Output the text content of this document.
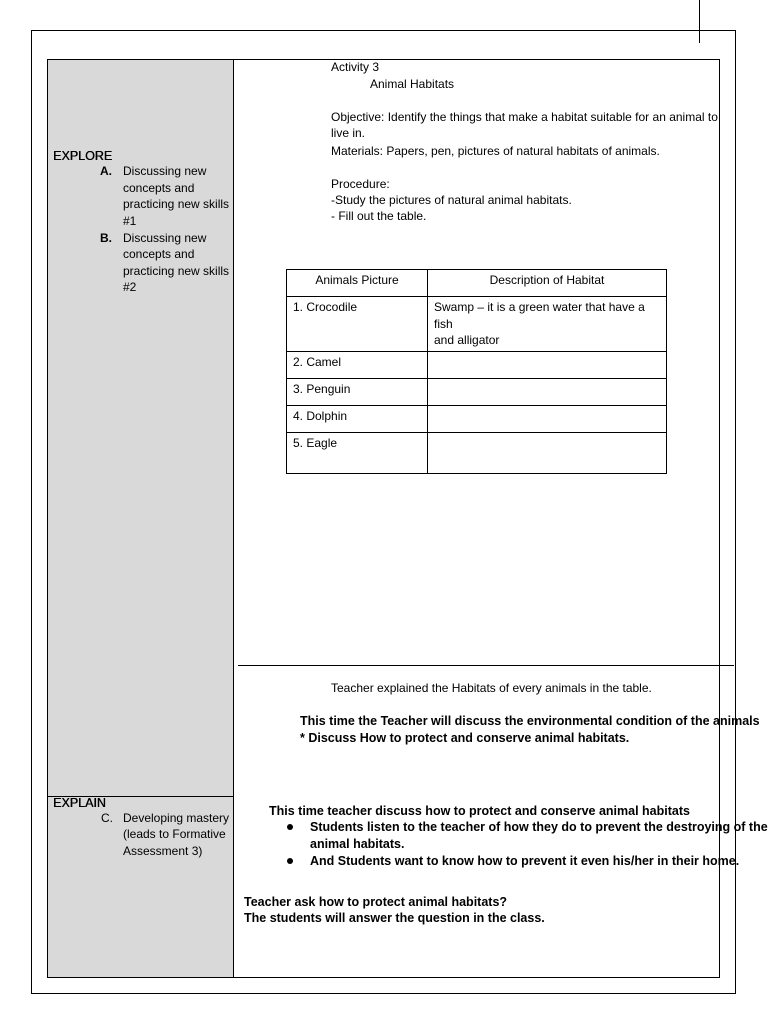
Activity 3
Animal Habitats
Objective: Identify the things that make a habitat suitable for an animal to
live in.
Materials: Papers, pen, pictures of natural habitats of animals.
Procedure:
-Study the pictures of natural animal habitats.
- Fill out the table.
Animals Picture	Description of Habitat
1. Crocodile	Swamp – it is a green water that have a fish
and alligator

2. Camel	
3. Penguin	
4. Dolphin	
5. Eagle	
EXPLORE
A. Discussing new
concepts and
practicing new skills
#1
B. Discussing new
concepts and
practicing new skills
#2
EXPLAIN
C. Developing mastery
(leads to Formative
Assessment 3)
Teacher explained the Habitats of every animals in the table.
This time the Teacher will discuss the environmental condition of the animals
* Discuss How to protect and conserve animal habitats.
This time teacher discuss how to protect and conserve animal habitats
Students listen to the teacher of how they do to prevent the destroying of the
animal habitats.
And Students want to know how to prevent it even his/her in their home.
Teacher ask how to protect animal habitats?
The students will answer the question in the class.
